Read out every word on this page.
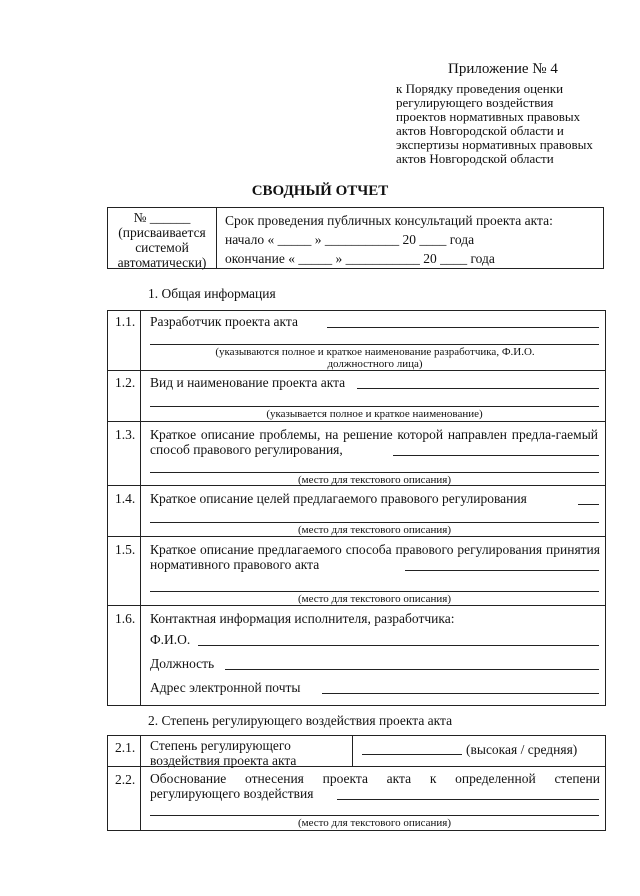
Приложение № 4
к Порядку проведения оценки
регулирующего воздействия
проектов нормативных правовых
актов Новгородской области и
экспертизы нормативных правовых
актов Новгородской области
СВОДНЫЙ ОТЧЕТ
№ ______
(присваивается
системой
автоматически)
Срок проведения публичных консультаций проекта акта:
начало « _____ » ___________ 20 ____ года
окончание « _____ » ___________ 20 ____ года
1. Общая информация
1.1. Разработчик проекта акта
(указываются полное и краткое наименование разработчика, Ф.И.О. должностного лица)
1.2. Вид и наименование проекта акта
(указывается полное и краткое наименование)
1.3. Краткое описание проблемы, на решение которой направлен предла-гаемый способ правового регулирования,
(место для текстового описания)
1.4. Краткое описание целей предлагаемого правового регулирования
(место для текстового описания)
1.5. Краткое описание предлагаемого способа правового регулирования принятия нормативного правового акта
(место для текстового описания)
1.6. Контактная информация исполнителя, разработчика:
Ф.И.О.
Должность
Адрес электронной почты
2. Степень регулирующего воздействия проекта акта
2.1. Степень регулирующего воздействия проекта акта
(высокая / средняя)
2.2. Обоснование отнесения проекта акта к определенной степени регулирующего воздействия
(место для текстового описания)
